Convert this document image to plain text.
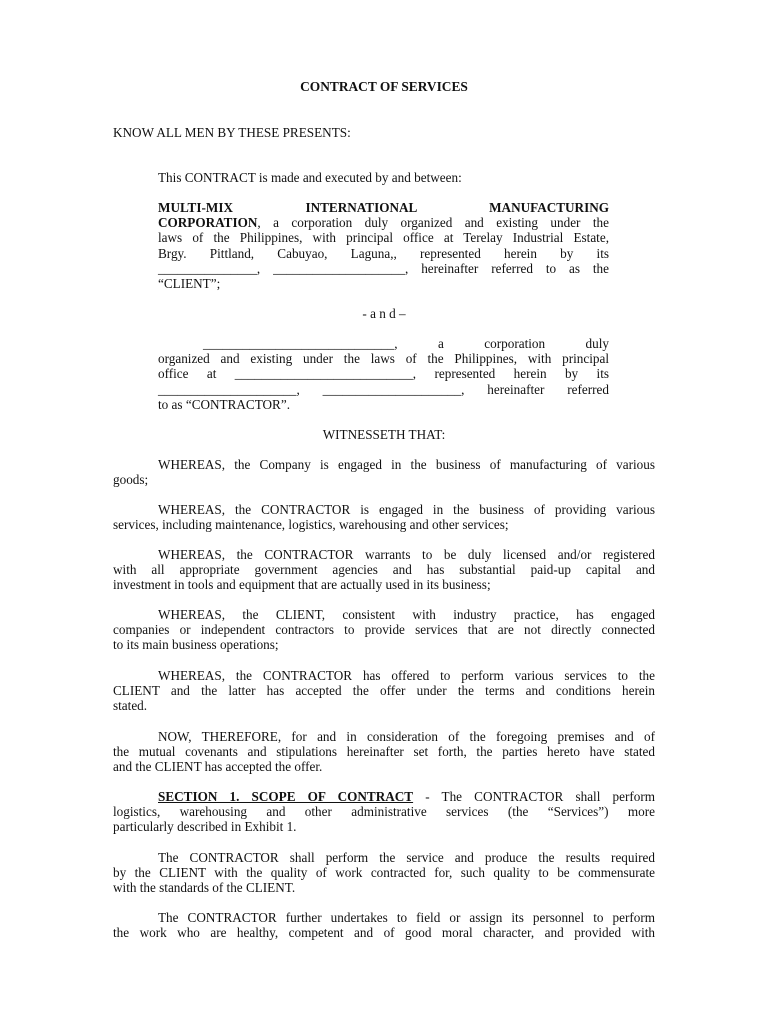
CONTRACT OF SERVICES
KNOW ALL MEN BY THESE PRESENTS:
This CONTRACT is made and executed by and between:
MULTI-MIX INTERNATIONAL MANUFACTURING
CORPORATION, a corporation duly organized and existing under the
laws of the Philippines, with principal office at Terelay Industrial Estate,
Brgy. Pittland, Cabuyao, Laguna,, represented herein by its
_______________, ____________________, hereinafter referred to as the
“CLIENT”;
- a n d –
_____________________________, a corporation duly
organized and existing under the laws of the Philippines, with principal
office at ___________________________, represented herein by its
_____________________, _____________________, hereinafter referred
to as “CONTRACTOR”.
WITNESSETH THAT:
WHEREAS, the Company is engaged in the business of manufacturing of various
goods;
WHEREAS, the CONTRACTOR is engaged in the business of providing various
services, including maintenance, logistics, warehousing and other services;
WHEREAS, the CONTRACTOR warrants to be duly licensed and/or registered
with all appropriate government agencies and has substantial paid-up capital and
investment in tools and equipment that are actually used in its business;
WHEREAS, the CLIENT, consistent with industry practice, has engaged
companies or independent contractors to provide services that are not directly connected
to its main business operations;
WHEREAS, the CONTRACTOR has offered to perform various services to the
CLIENT and the latter has accepted the offer under the terms and conditions herein
stated.
NOW, THEREFORE, for and in consideration of the foregoing premises and of
the mutual covenants and stipulations hereinafter set forth, the parties hereto have stated
and the CLIENT has accepted the offer.
SECTION 1. SCOPE OF CONTRACT - The CONTRACTOR shall perform
logistics, warehousing and other administrative services (the “Services”) more
particularly described in Exhibit 1.
The CONTRACTOR shall perform the service and produce the results required
by the CLIENT with the quality of work contracted for, such quality to be commensurate
with the standards of the CLIENT.
The CONTRACTOR further undertakes to field or assign its personnel to perform
the work who are healthy, competent and of good moral character, and provided with
